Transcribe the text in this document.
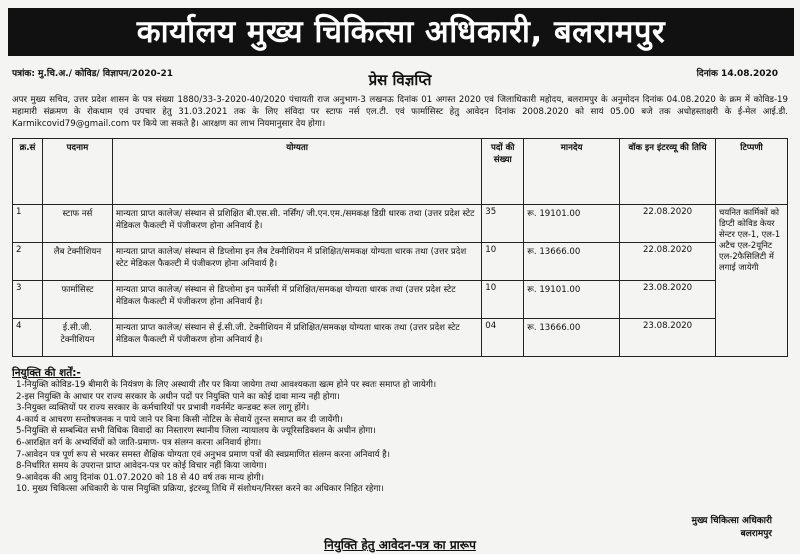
कार्यालय मुख्य चिकित्सा अधिकारी, बलरामपुर
पत्रांक: मु.चि.अ./ कोविड/ विज्ञापन/2020-21	दिनांक 14.08.2020
प्रेस विज्ञप्ति

अपर मुख्य सचिव, उत्तर प्रदेश शासन के पत्र संख्या 1880/33-3-2020-40/2020 पंचायती राज अनुभाग-3 लखनऊ दिनांक 01 अगस्त 2020 एवं जिलाधिकारी महोदय, बलरामपुर के अनुमोदन दिनांक 04.08.2020 के क्रम में कोविड-19 महामारी संक्रमण के रोकथाम एवं उपचार हेतु 31.03.2021 तक के लिए संविदा पर स्टाफ नर्स एल.टी. एवं फार्मासिस्ट हेतु आवेदन दिनांक 2008.2020 को सायं 05.00 बजे तक अधोहस्ताक्षरी के ई-मेल आई.डी. Karmikcovid79@gmail.com पर किये जा सकते है। आरक्षण का लाभ नियमानुसार देय होगा।

क्र.सं	पदनाम	योग्यता	पदों की संख्या	मानदेय	वॉक इन इंटरव्यू की तिथि	टिप्पणी
1	स्टाफ नर्स	मान्यता प्राप्त कालेज/ संस्थान से प्रशिक्षित बी.एस.सी. नर्सिंग/ जी.एन.एम./समकक्ष डिग्री धारक तथा (उत्तर प्रदेश स्टेट मेडिकल फैकल्टी में पंजीकरण होना अनिवार्य है।	35	रू. 19101.00	22.08.2020	चयनित कार्मिकों को डिप्टी कोविड केयर सेन्टर एल-1, एल-1 अटैच एल-2यूनिट एल-2फैसिलिटी में लगाई जायेगी
2	लैब टेक्नीशियन	मान्यता प्राप्त कालेज/ संस्थान से डिप्लोमा इन लैब टेक्नीशियन में प्रशिक्षित/समकक्ष योग्यता धारक तथा (उत्तर प्रदेश स्टेट मेडिकल फैकल्टी में पंजीकरण होना अनिवार्य है।	10	रू. 13666.00	22.08.2020	
3	फार्मासिस्ट	मान्यता प्राप्त कालेज/ संस्थान से डिप्लोमा इन फार्मेसी में प्रशिक्षित/समकक्ष योग्यता धारक तथा (उत्तर प्रदेश स्टेट मेडिकल फैकल्टी में पंजीकरण होना अनिवार्य है।	10	रू. 19101.00	23.08.2020	
4	ई.सी.जी. टेक्नीशियन	मान्यता प्राप्त कालेज/ संस्थान से ई.सी.जी. टेक्नीशियन में प्रशिक्षित/समकक्ष योग्यता धारक तथा (उत्तर प्रदेश स्टेट मेडिकल फैकल्टी में पंजीकरण होना अनिवार्य है।	04	रू. 13666.00	23.08.2020	
नियुक्ति की शर्तें:-
1-नियुक्ति कोविड-19 बीमारी के नियंत्रण के लिए अस्थायी तौर पर किया जायेगा तथा आवश्यकता खत्म होने पर स्वतः समाप्त हो जायेगी।
2-इस नियुक्ति के आधार पर राज्य सरकार के अधीन पदों पर नियुक्ति पाने का कोई दावा मान्य नही होगा।
3-नियुक्त व्यक्तियों पर राज्य सरकार के कर्मचारियों पर प्रभावी गवर्नमेंट कन्डक्ट रूल लागू होंगे।
4-कार्य व आचरण सन्तोषजनक न पाये जाने पर बिना किसी नोटिस के सेवायें तुरन्त समाप्त कर दी जायेंगी।
5-नियुक्ति से सम्बन्धित सभी विधिक विवादों का निस्तारण स्थानीय जिला न्यायालय के ज्यूरिसडिक्शन के अधीन होगा।
6-आरक्षित वर्ग के अभ्यर्थियों को जाति-प्रमाण- पत्र संलग्न करना अनिवार्य होगा।
7-आवेदन पत्र पूर्ण रूप से भरकर समस्त शैक्षिक योग्यता एवं अनुभव प्रमाण पत्रों की स्वप्रमाणित संलग्न करना अनिवार्य है।
8-निर्धारित समय के उपरान्त प्राप्त आवेदन-पत्र पर कोई विचार नहीं किया जायेगा।
9-आवेदक की आयु दिनांक 01.07.2020 को 18 से 40 वर्ष तक मान्य होगी।
10. मुख्य चिकित्सा अधिकारी के पास नियुक्ति प्रक्रिया, इंटरव्यू तिथि में संशोधन/निरस्त करने का अधिकार निहित रहेगा।
मुख्य चिकित्सा अधिकारी
बलरामपुर
नियुक्ति हेतु आवेदन-पत्र का प्रारूप
